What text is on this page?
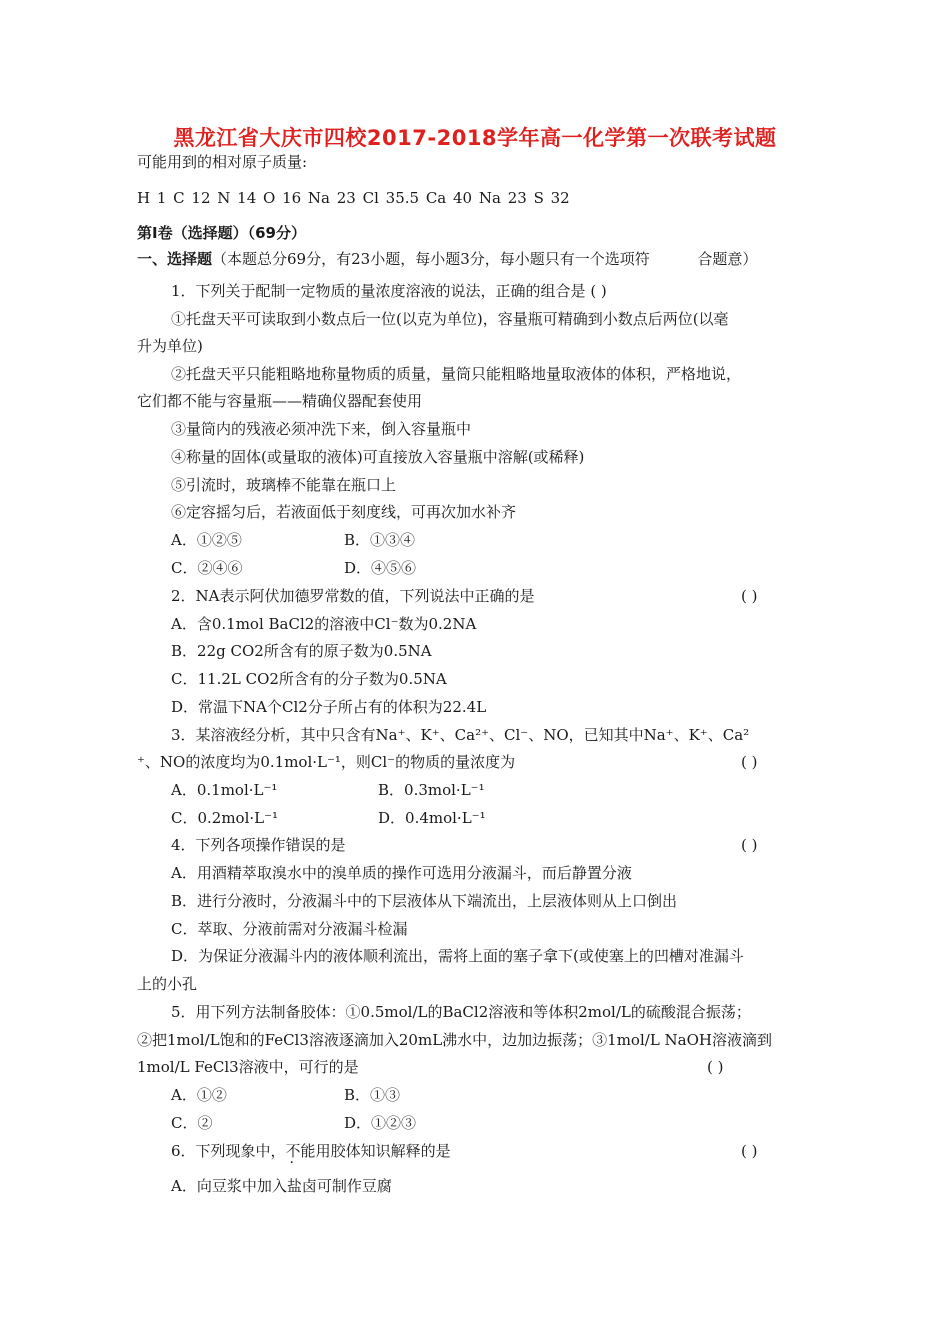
黑龙江省大庆市四校2017-2018学年高一化学第一次联考试题
可能用到的相对原子质量:
H 1 C 12 N 14 O 16 Na 23 Cl 35.5 Ca 40 Na 23 S 32
第Ⅰ卷（选择题）（69分）
一、选择题（本题总分69分，有23小题，每小题3分，每小题只有一个选项符          合题意）
1．下列关于配制一定物质的量浓度溶液的说法，正确的组合是 ( )
①托盘天平可读取到小数点后一位(以克为单位)，容量瓶可精确到小数点后两位(以毫
升为单位)
②托盘天平只能粗略地称量物质的质量，量筒只能粗略地量取液体的体积，严格地说，
它们都不能与容量瓶——精确仪器配套使用
③量筒内的残液必须冲洗下来，倒入容量瓶中
④称量的固体(或量取的液体)可直接放入容量瓶中溶解(或稀释)
⑤引流时，玻璃棒不能靠在瓶口上
⑥定容摇匀后，若液面低于刻度线，可再次加水补齐
A．①②⑤	B．①③④
C．②④⑥	D．④⑤⑥
2．NA表示阿伏加德罗常数的值，下列说法中正确的是	( )
A．含0.1mol BaCl2的溶液中Cl⁻数为0.2NA
B．22g CO2所含有的原子数为0.5NA
C．11.2L CO2所含有的分子数为0.5NA
D．常温下NA个Cl2分子所占有的体积为22.4L
3．某溶液经分析，其中只含有Na⁺、K⁺、Ca²⁺、Cl⁻、NO，已知其中Na⁺、K⁺、Ca²
⁺、NO的浓度均为0.1mol·L⁻¹，则Cl⁻的物质的量浓度为	( )
A．0.1mol·L⁻¹	B．0.3mol·L⁻¹
C．0.2mol·L⁻¹	D．0.4mol·L⁻¹
4．下列各项操作错误的是	( )
A．用酒精萃取溴水中的溴单质的操作可选用分液漏斗，而后静置分液
B．进行分液时，分液漏斗中的下层液体从下端流出，上层液体则从上口倒出
C．萃取、分液前需对分液漏斗检漏
D．为保证分液漏斗内的液体顺利流出，需将上面的塞子拿下(或使塞上的凹槽对准漏斗
上的小孔
5．用下列方法制备胶体：①0.5mol/L的BaCl2溶液和等体积2mol/L的硫酸混合振荡；
②把1mol/L饱和的FeCl3溶液逐滴加入20mL沸水中，边加边振荡；③1mol/L NaOH溶液滴到
1mol/L FeCl3溶液中，可行的是	( )
A．①②	B．①③
C．②	D．①②③
6．下列现象中，不能用胶体知识解释的是	( )
A．向豆浆中加入盐卤可制作豆腐
